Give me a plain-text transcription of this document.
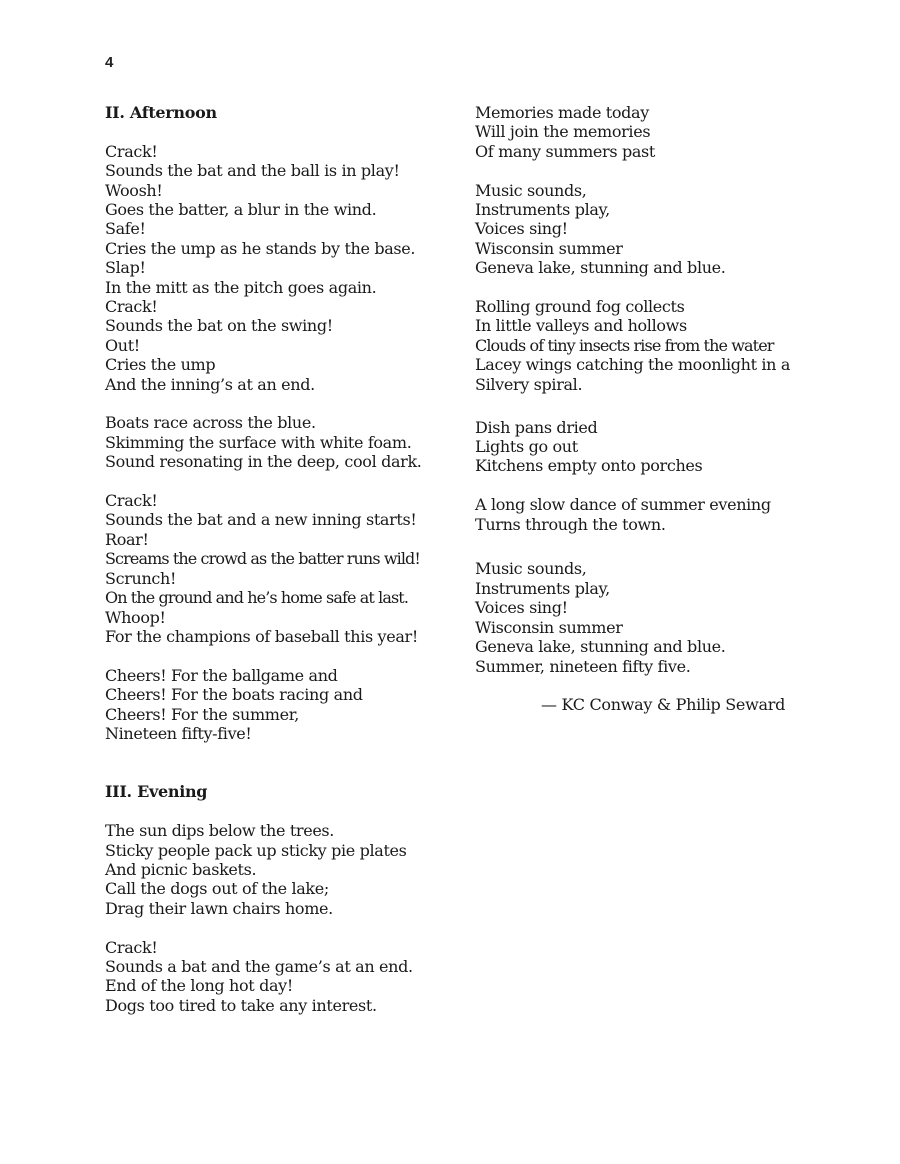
4
II. Afternoon
Crack!
Sounds the bat and the ball is in play!
Woosh!
Goes the batter, a blur in the wind.
Safe!
Cries the ump as he stands by the base.
Slap!
In the mitt as the pitch goes again.
Crack!
Sounds the bat on the swing!
Out!
Cries the ump
And the inning’s at an end.
Boats race across the blue.
Skimming the surface with white foam.
Sound resonating in the deep, cool dark.
Crack!
Sounds the bat and a new inning starts!
Roar!
Screams the crowd as the batter runs wild!
Scrunch!
On the ground and he’s home safe at last.
Whoop!
For the champions of baseball this year!
Cheers! For the ballgame and
Cheers! For the boats racing and
Cheers! For the summer,
Nineteen fifty-five!
III. Evening
The sun dips below the trees.
Sticky people pack up sticky pie plates
And picnic baskets.
Call the dogs out of the lake;
Drag their lawn chairs home.
Crack!
Sounds a bat and the game’s at an end.
End of the long hot day!
Dogs too tired to take any interest.
Memories made today
Will join the memories
Of many summers past
Music sounds,
Instruments play,
Voices sing!
Wisconsin summer
Geneva lake, stunning and blue.
Rolling ground fog collects
In little valleys and hollows
Clouds of tiny insects rise from the water
Lacey wings catching the moonlight in a
Silvery spiral.
Dish pans dried
Lights go out
Kitchens empty onto porches
A long slow dance of summer evening
Turns through the town.
Music sounds,
Instruments play,
Voices sing!
Wisconsin summer
Geneva lake, stunning and blue.
Summer, nineteen fifty five.
— KC Conway & Philip Seward
